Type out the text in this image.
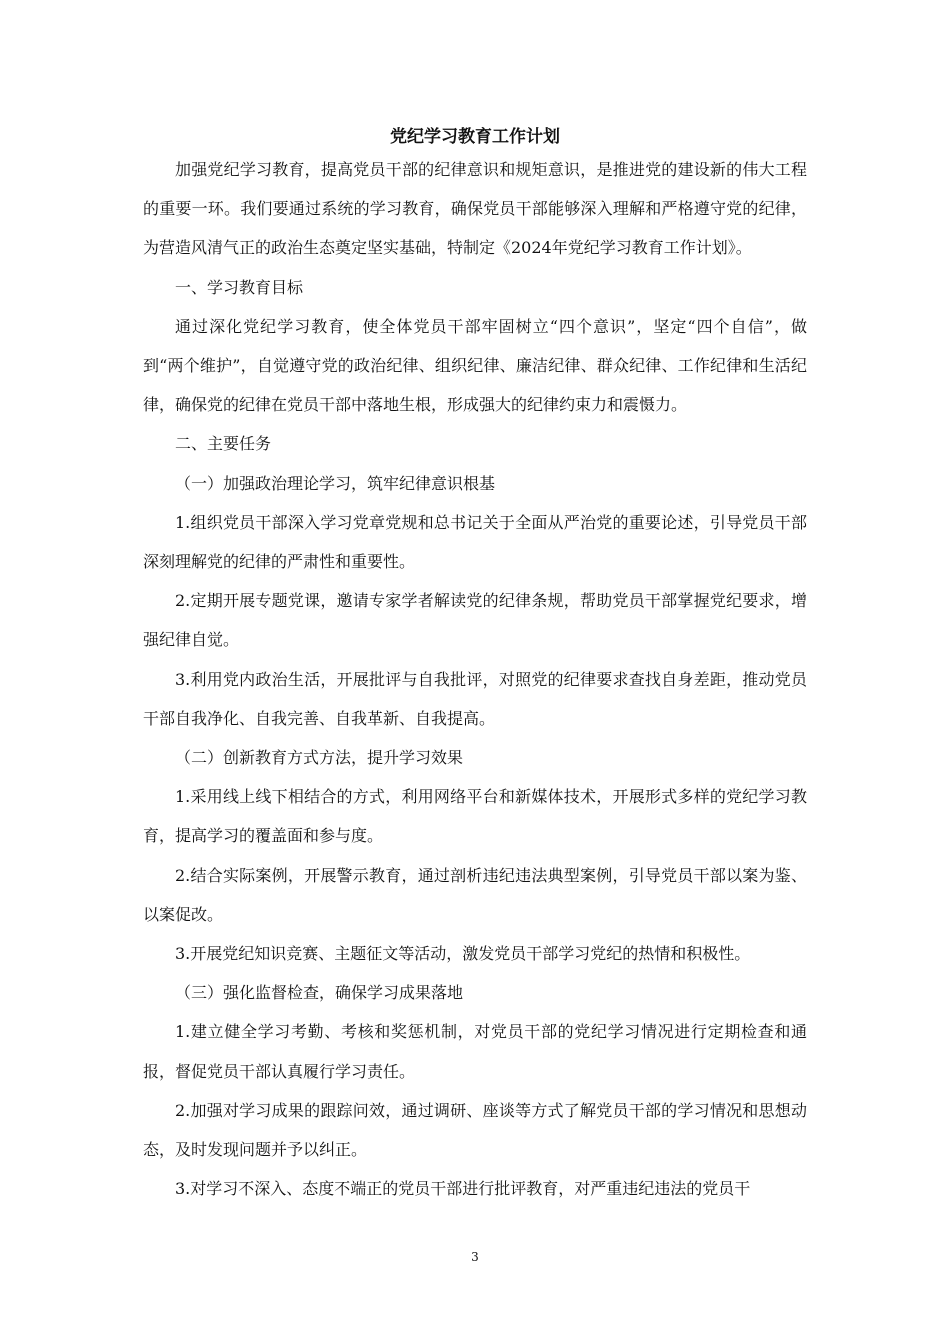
党纪学习教育工作计划

加强党纪学习教育，提高党员干部的纪律意识和规矩意识，是推进党的建设新的伟大工程的重要一环。我们要通过系统的学习教育，确保党员干部能够深入理解和严格遵守党的纪律，为营造风清气正的政治生态奠定坚实基础，特制定《2024年党纪学习教育工作计划》。

一、学习教育目标

通过深化党纪学习教育，使全体党员干部牢固树立“四个意识”，坚定“四个自信”，做到“两个维护”，自觉遵守党的政治纪律、组织纪律、廉洁纪律、群众纪律、工作纪律和生活纪律，确保党的纪律在党员干部中落地生根，形成强大的纪律约束力和震慑力。

二、主要任务

（一）加强政治理论学习，筑牢纪律意识根基

1.组织党员干部深入学习党章党规和总书记关于全面从严治党的重要论述，引导党员干部深刻理解党的纪律的严肃性和重要性。

2.定期开展专题党课，邀请专家学者解读党的纪律条规，帮助党员干部掌握党纪要求，增强纪律自觉。

3.利用党内政治生活，开展批评与自我批评，对照党的纪律要求查找自身差距，推动党员干部自我净化、自我完善、自我革新、自我提高。

（二）创新教育方式方法，提升学习效果

1.采用线上线下相结合的方式，利用网络平台和新媒体技术，开展形式多样的党纪学习教育，提高学习的覆盖面和参与度。

2.结合实际案例，开展警示教育，通过剖析违纪违法典型案例，引导党员干部以案为鉴、以案促改。

3.开展党纪知识竞赛、主题征文等活动，激发党员干部学习党纪的热情和积极性。

（三）强化监督检查，确保学习成果落地

1.建立健全学习考勤、考核和奖惩机制，对党员干部的党纪学习情况进行定期检查和通报，督促党员干部认真履行学习责任。

2.加强对学习成果的跟踪问效，通过调研、座谈等方式了解党员干部的学习情况和思想动态，及时发现问题并予以纠正。

3.对学习不深入、态度不端正的党员干部进行批评教育，对严重违纪违法的党员干

3
